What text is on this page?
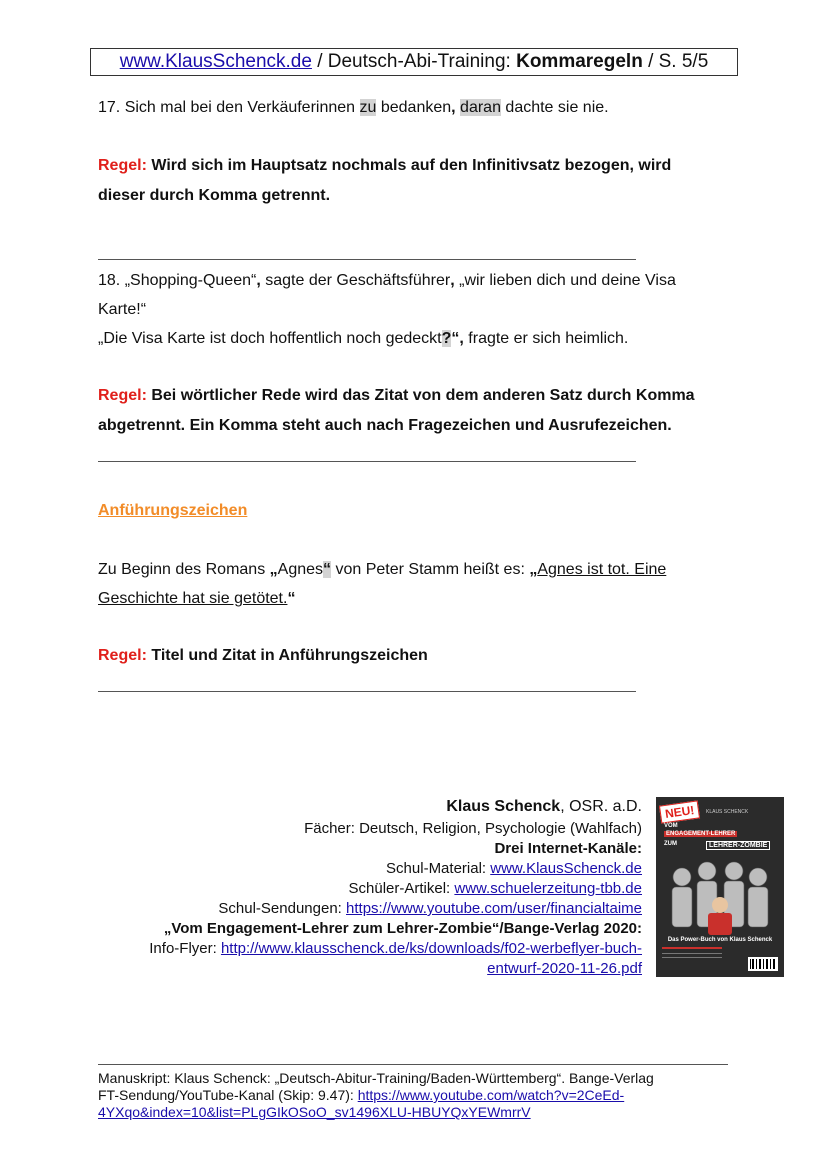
www.KlausSchenck.de / Deutsch-Abi-Training: Kommaregeln / S. 5/5
17. Sich mal bei den Verkäuferinnen zu bedanken, daran dachte sie nie.
Regel: Wird sich im Hauptsatz nochmals auf den Infinitivsatz bezogen, wird
dieser durch Komma getrennt.
18. „Shopping-Queen“, sagte der Geschäftsführer, „wir lieben dich und deine Visa
Karte!“
„Die Visa Karte ist doch hoffentlich noch gedeckt?“, fragte er sich heimlich.
Regel: Bei wörtlicher Rede wird das Zitat von dem anderen Satz durch Komma
abgetrennt. Ein Komma steht auch nach Fragezeichen und Ausrufezeichen.
Anführungszeichen
Zu Beginn des Romans „Agnes“ von Peter Stamm heißt es: „Agnes ist tot. Eine
Geschichte hat sie getötet.“
Regel: Titel und Zitat in Anführungszeichen
Klaus Schenck, OSR. a.D.
Fächer: Deutsch, Religion, Psychologie (Wahlfach)
Drei Internet-Kanäle:
Schul-Material: www.KlausSchenck.de
Schüler-Artikel: www.schuelerzeitung-tbb.de
Schul-Sendungen: https://www.youtube.com/user/financialtaime
„Vom Engagement-Lehrer zum Lehrer-Zombie“/Bange-Verlag 2020:
Info-Flyer: http://www.klausschenck.de/ks/downloads/f02-werbeflyer-buch-
entwurf-2020-11-26.pdf
NEU!	KLAUS SCHENCK
VOM
ENGAGEMENT-LEHRER
ZUM	LEHRER-ZOMBIE
Das Power-Buch von Klaus Schenck
Manuskript: Klaus Schenck: „Deutsch-Abitur-Training/Baden-Württemberg“. Bange-Verlag
FT-Sendung/YouTube-Kanal (Skip: 9.47): https://www.youtube.com/watch?v=2CeEd-
4YXqo&index=10&list=PLgGIkOSoO_sv1496XLU-HBUYQxYEWmrrV
